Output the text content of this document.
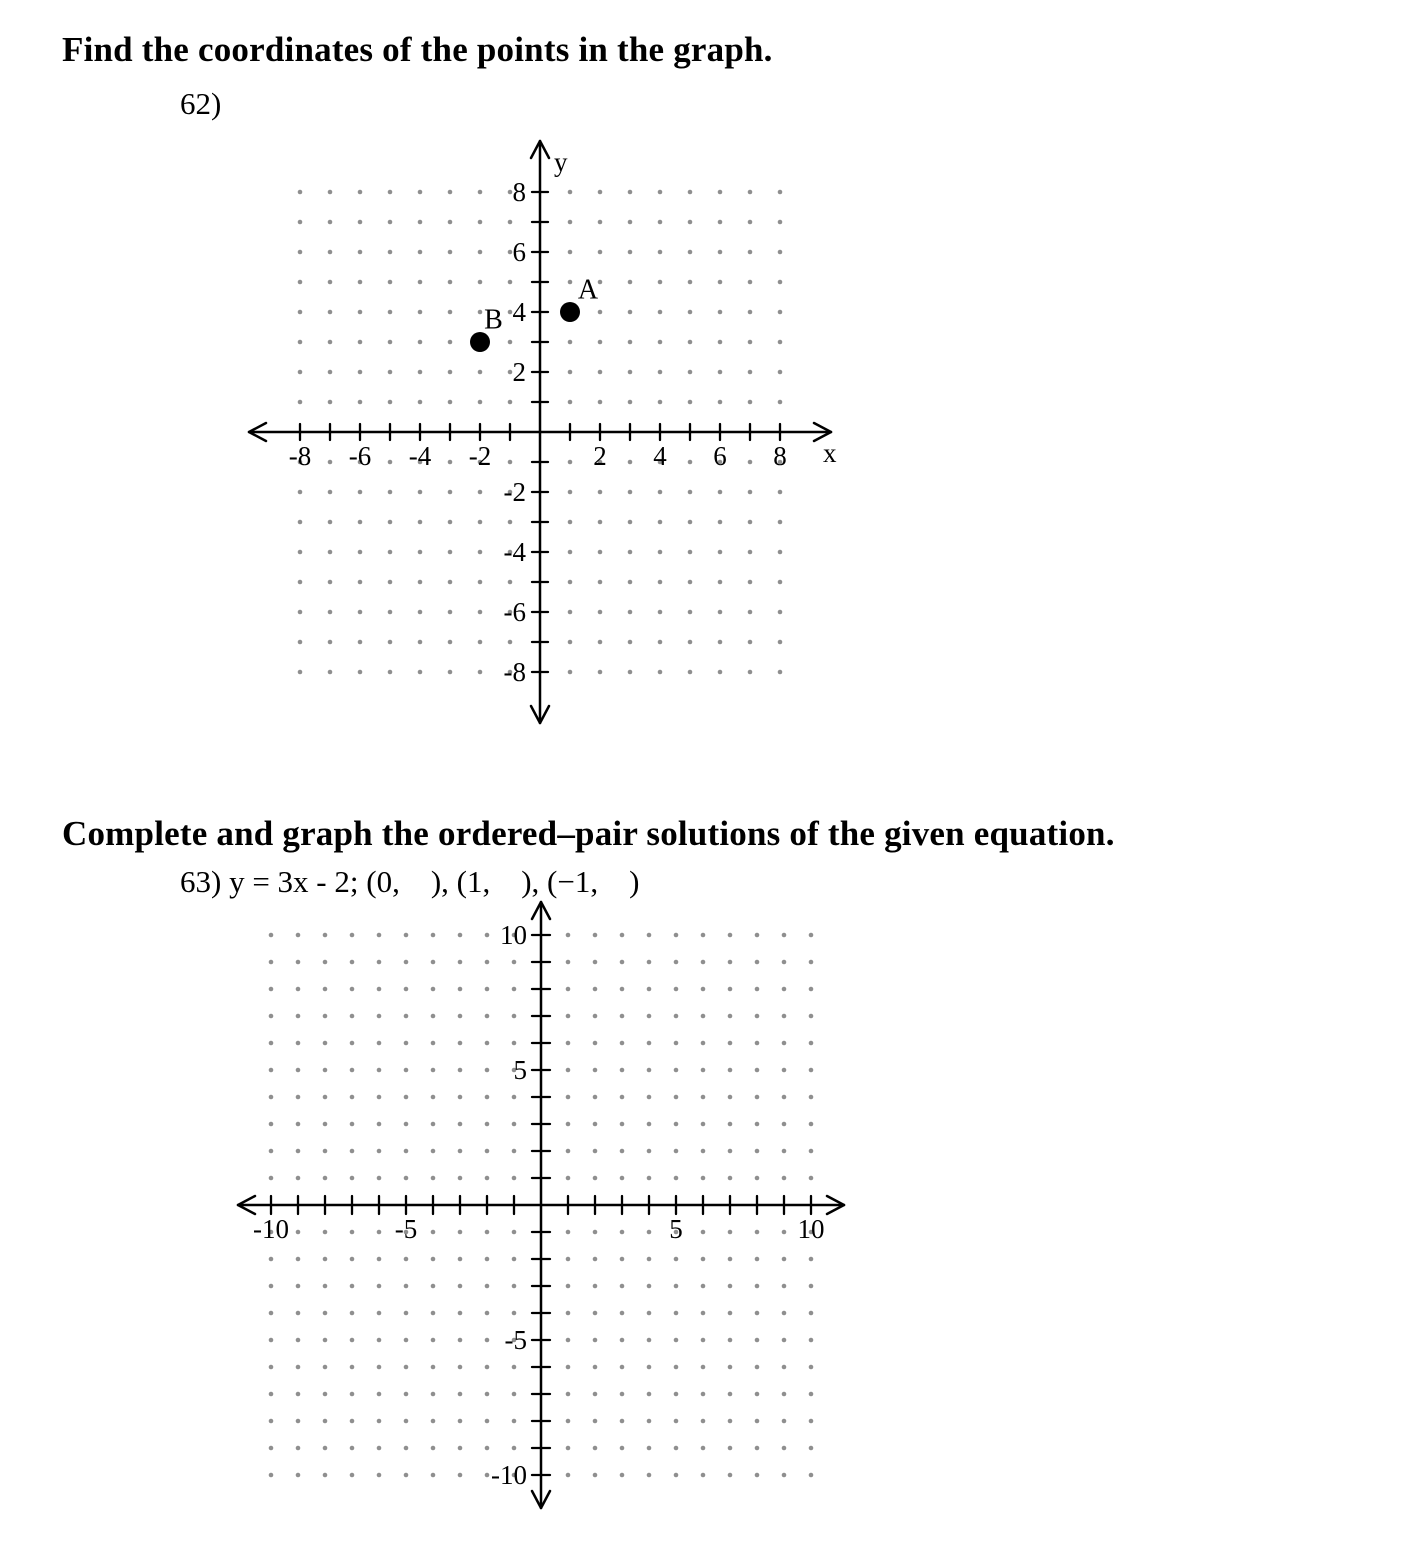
Find the coordinates of the points in the graph.
62)
-8 -6 -4 -2	2 4 6 8
8
6
4
2
-2
-4
-6
-8
x
y
A
B
Complete and graph the ordered–pair solutions of the given equation.
63) y = 3x - 2; (0,    ), (1,    ), (−1,    )
-10	-5	5	10
10
5
-5
-10
